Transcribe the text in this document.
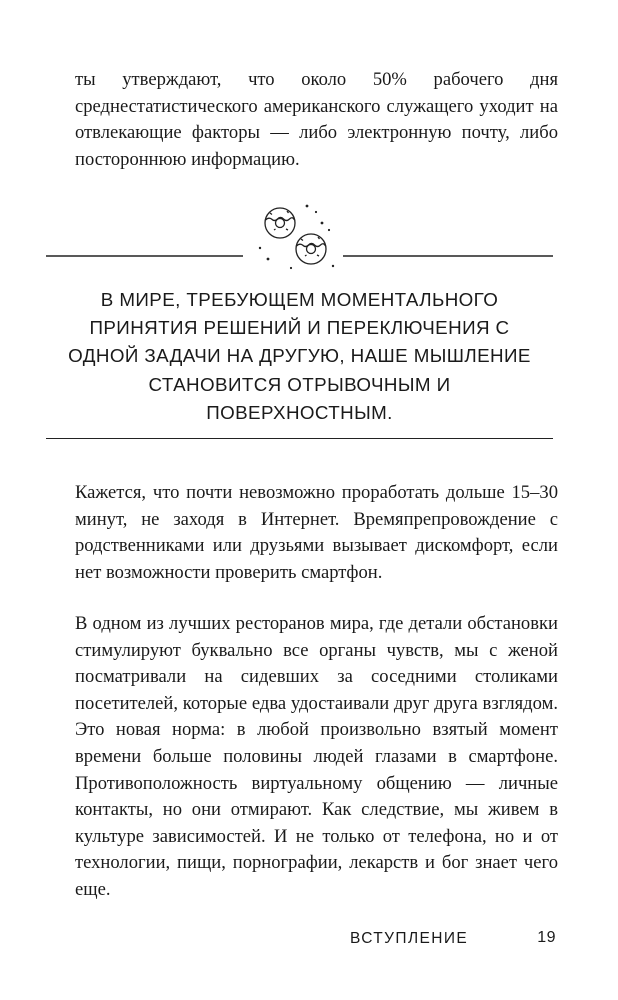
ты утверждают, что около 50% рабочего дня среднестатистического американского служащего уходит на отвлекающие факторы — либо электронную почту, либо постороннюю информацию.

В МИРЕ, ТРЕБУЮЩЕМ МОМЕНТАЛЬНОГО ПРИНЯТИЯ РЕШЕНИЙ И ПЕРЕКЛЮЧЕНИЯ С ОДНОЙ ЗАДАЧИ НА ДРУГУЮ, НАШЕ МЫШЛЕНИЕ СТАНОВИТСЯ ОТРЫВОЧНЫМ И ПОВЕРХНОСТНЫМ.

Кажется, что почти невозможно проработать дольше 15–30 минут, не заходя в Интернет. Времяпрепровождение с родственниками или друзьями вызывает дискомфорт, если нет возможности проверить смартфон.

В одном из лучших ресторанов мира, где детали обстановки стимулируют буквально все органы чувств, мы с женой посматривали на сидевших за соседними столиками посетителей, которые едва удостаивали друг друга взглядом. Это новая норма: в любой произвольно взятый момент времени больше половины людей глазами в смартфоне. Противоположность виртуальному общению — личные контакты, но они отмирают. Как следствие, мы живем в культуре зависимостей. И не только от телефона, но и от технологии, пищи, порнографии, лекарств и бог знает чего еще.

ВСТУПЛЕНИЕ	19
